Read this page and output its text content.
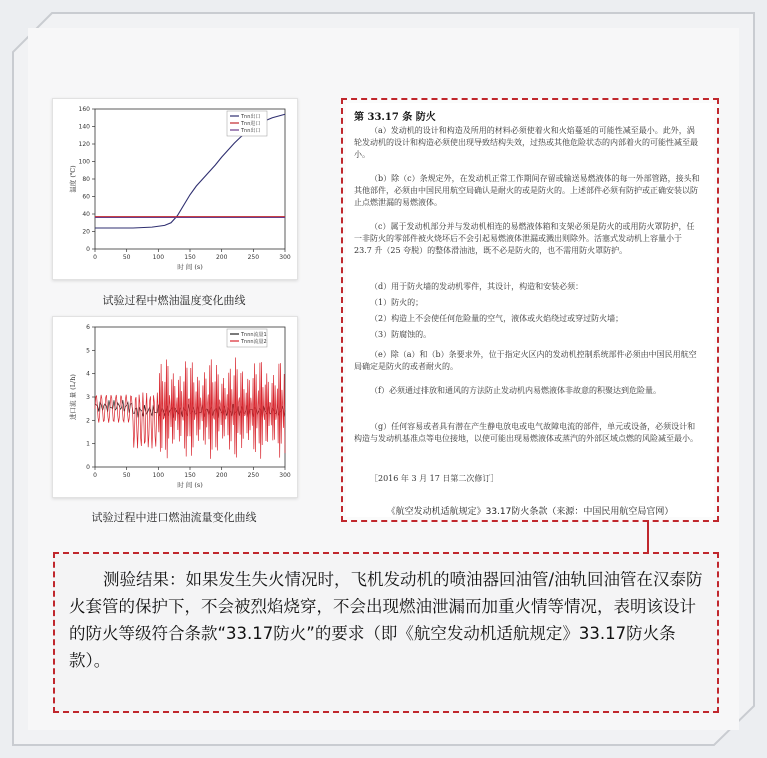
0	50	100	150	200	250	300
0
20
40
60
80
100
120
140
160
时 间 (s)
温度 (℃)
Tnn出口
Tnn进口
Tnn出口
试验过程中燃油温度变化曲线
0	50	100	150	200	250	300
0
1
2
3
4
5
6
时 间 (s)
进口流 量 (L/h)
Tnnn流量1
Tnnn流量2
试验过程中进口燃油流量变化曲线
第 33.17 条 防火

（a）发动机的设计和构造及所用的材料必须使着火和火焰蔓延的可能性减至最小。此外，涡轮发动机的设计和构造必须使出现导致结构失效，过热或其他危险状态的内部着火的可能性减至最小。

（b）除（c）条规定外，在发动机正常工作期间存留或输送易燃液体的每一外部管路，接头和其他部件，必须由中国民用航空局确认是耐火的或是防火的。上述部件必须有防护或正确安装以防止点燃泄漏的易燃液体。

（c）属于发动机部分并与发动机相连的易燃液体箱和支架必须是防火的或用防火罩防护，任一非防火的零部件被火烧坏后不会引起易燃液体泄漏或溅出则除外。活塞式发动机上容量小于 23.7 升（25 夸脱）的整体滑油池，既不必是防火的，也不需用防火罩防护。

（d）用于防火墙的发动机零件，其设计，构造和安装必须：

（1）防火的；

（2）构造上不会使任何危险量的空气，液体或火焰绕过或穿过防火墙；

（3）防腐蚀的。

（e）除（a）和（b）条要求外，位于指定火区内的发动机控制系统部件必须由中国民用航空局确定是防火的或者耐火的。

（f）必须通过排放和通风的方法防止发动机内易燃液体非故意的积聚达到危险量。

（g）任何容易或者具有潜在产生静电放电或电气故障电流的部件，单元或设备，必须设计和构造与发动机基准点等电位接地，以使可能出现易燃液体或蒸汽的外部区域点燃的风险减至最小。

［2016 年 3 月 17 日第二次修订］

《航空发动机适航规定》33.17防火条款（来源：中国民用航空局官网）

测验结果：如果发生失火情况时，飞机发动机的喷油器回油管/油轨回油管在汉泰防火套管的保护下，不会被烈焰烧穿，不会出现燃油泄漏而加重火情等情况，表明该设计的防火等级符合条款“33.17防火”的要求（即《航空发动机适航规定》33.17防火条款）。
